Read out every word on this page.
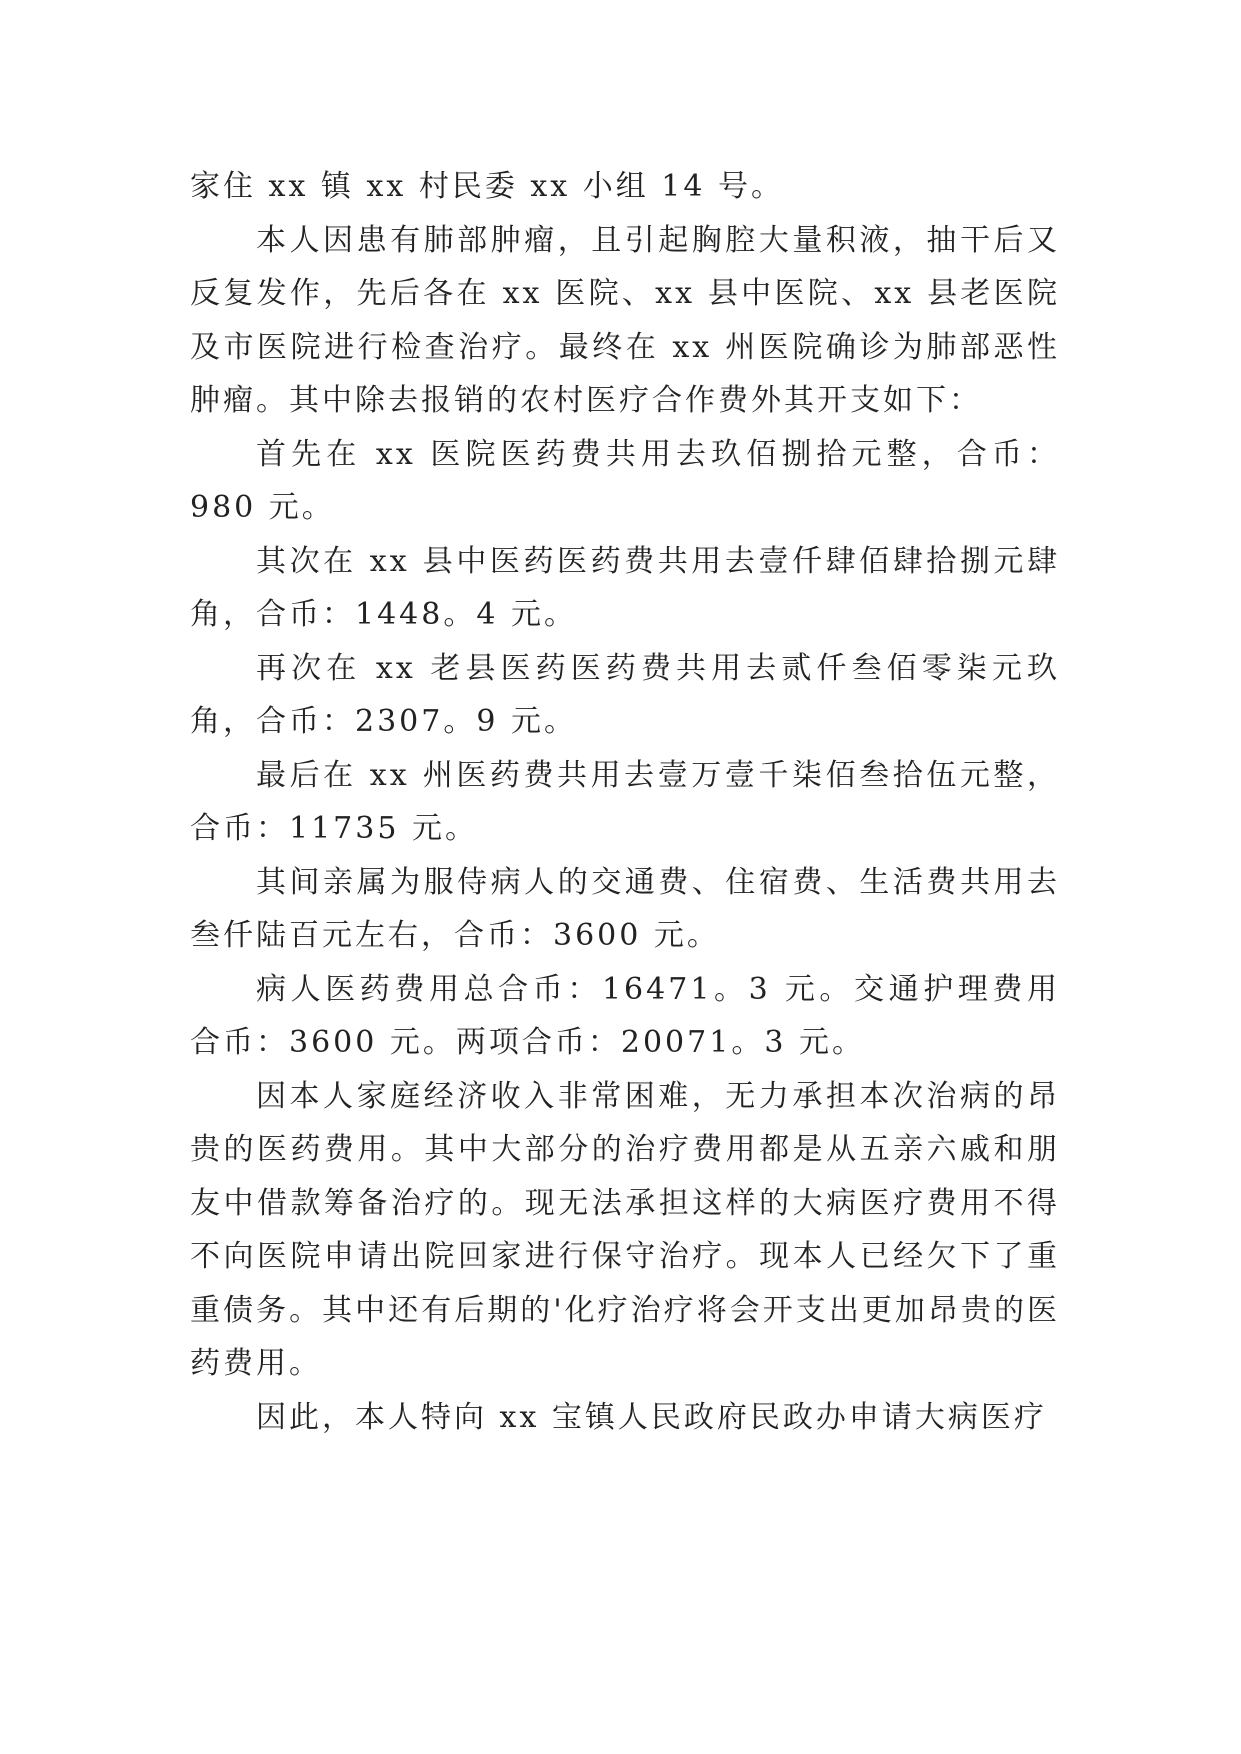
家住 xx 镇 xx 村民委 xx 小组 14 号。

本人因患有肺部肿瘤，且引起胸腔大量积液，抽干后又反复发作，先后各在 xx 医院、xx 县中医院、xx 县老医院及市医院进行检查治疗。最终在 xx 州医院确诊为肺部恶性肿瘤。其中除去报销的农村医疗合作费外其开支如下：

首先在 xx 医院医药费共用去玖佰捌拾元整，合币：980 元。

其次在 xx 县中医药医药费共用去壹仟肆佰肆拾捌元肆角，合币：1448。4 元。

再次在 xx 老县医药医药费共用去贰仟叁佰零柒元玖角，合币：2307。9 元。

最后在 xx 州医药费共用去壹万壹千柒佰叁拾伍元整，合币：11735 元。

其间亲属为服侍病人的交通费、住宿费、生活费共用去叁仟陆百元左右，合币：3600 元。

病人医药费用总合币：16471。3 元。交通护理费用合币：3600 元。两项合币：20071。3 元。

因本人家庭经济收入非常困难，无力承担本次治病的昂贵的医药费用。其中大部分的治疗费用都是从五亲六戚和朋友中借款筹备治疗的。现无法承担这样的大病医疗费用不得不向医院申请出院回家进行保守治疗。现本人已经欠下了重重债务。其中还有后期的'化疗治疗将会开支出更加昂贵的医药费用。

因此，本人特向 xx 宝镇人民政府民政办申请大病医疗
